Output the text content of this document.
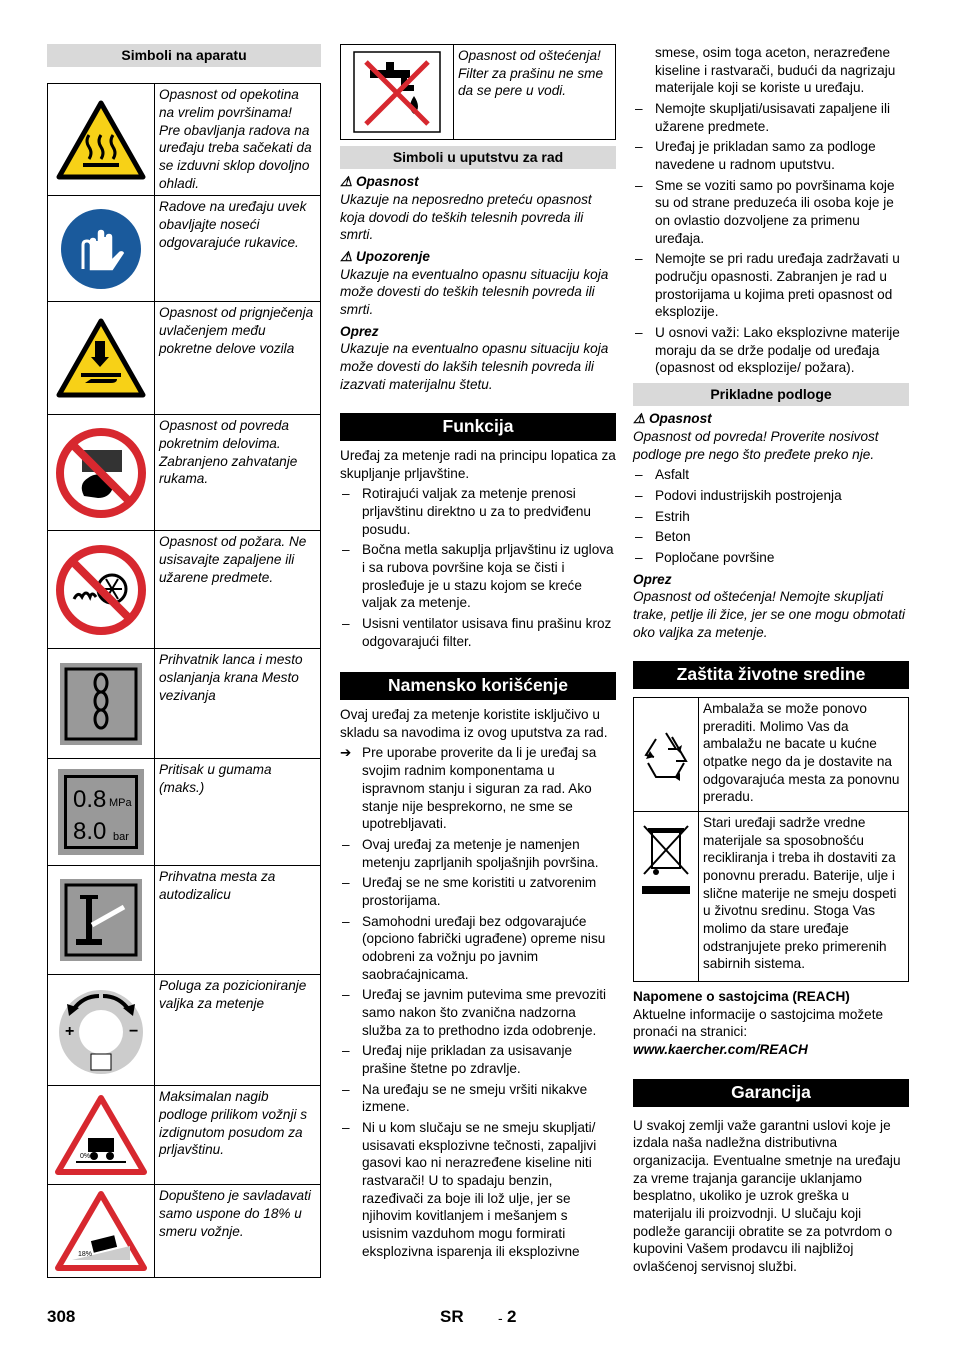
Simboli na aparatu
	Opasnost od opekotina na vrelim površinama! Pre obavljanja radova na uređaju treba sačekati da se izduvni sklop dovoljno ohladi.

	Radove na uređaju uvek obavljajte noseći odgovarajuće rukavice.

	Opasnost od prignječenja uvlačenjem među pokretne delove vozila

	Opasnost od povreda pokretnim delovima. Zabranjeno zahvatanje rukama.

	Opasnost od požara. Ne usisavajte zapaljene ili užarene predmete.

	Prihvatnik lanca i mesto oslanjanja krana Mesto vezivanja

0.8 MPa
8.0 bar	Pritisak u gumama (maks.)

	Prihvatna mesta za autodizalicu

+ −	Poluga za pozicioniranje valjka za metenje

0%	Maksimalan nagib podloge prilikom vožnji s izdignutom posudom za prljavštinu.

18%	Dopušteno je savladavati samo uspone do 18% u smeru vožnje.
	Opasnost od oštećenja! Filter za prašinu ne sme da se pere u vodi.
Simboli u uputstvu za rad
⚠ Opasnost

Ukazuje na neposredno preteću opasnost koja dovodi do teških telesnih povreda ili smrti.

⚠ Upozorenje

Ukazuje na eventualno opasnu situaciju koja može dovesti do teških telesnih povreda ili smrti.

Oprez

Ukazuje na eventualno opasnu situaciju koja može dovesti do lakših telesnih povreda ili izazvati materijalnu štetu.

Funkcija

Uređaj za metenje radi na principu lopatica za skupljanje prljavštine.

– Rotirajući valjak za metenje prenosi prljavštinu direktno u za to predviđenu posudu.
– Bočna metla sakuplja prljavštinu iz uglova i sa rubova površine koja se čisti i prosleđuje je u stazu kojom se kreće valjak za metenje.
– Usisni ventilator usisava finu prašinu kroz odgovarajući filter.
Namensko korišćenje

Ovaj uređaj za metenje koristite isključivo u skladu sa navodima iz ovog uputstva za rad.

➔ Pre uporabe proverite da li je uređaj sa svojim radnim komponentama u ispravnom stanju i siguran za rad. Ako stanje nije besprekorno, ne sme se upotrebljavati.
– Ovaj uređaj za metenje je namenjen metenju zaprljanih spoljašnjih površina.
– Uređaj se ne sme koristiti u zatvorenim prostorijama.
– Samohodni uređaji bez odgovarajuće (opciono fabrički ugrađene) opreme nisu odobreni za vožnju po javnim saobraćajnicama.
– Uređaj se javnim putevima sme prevoziti samo nakon što zvanična nadzorna služba za to prethodno izda odobrenje.
– Uređaj nije prikladan za usisavanje prašine štetne po zdravlje.
– Na uređaju se ne smeju vršiti nikakve izmene.
– Ni u kom slučaju se ne smeju skupljati/ usisavati eksplozivne tečnosti, zapaljivi gasovi kao ni nerazređene kiseline niti rastvarači! U to spadaju benzin, razeđivači za boje ili lož ulje, jer se njihovim kovitlanjem i mešanjem s usisnim vazduhom mogu formirati eksplozivna isparenja ili eksplozivne

smese, osim toga aceton, nerazređene kiseline i rastvarači, budući da nagrizaju materijale koji se koriste u uređaju.

– Nemojte skupljati/usisavati zapaljene ili užarene predmete.
– Uređaj je prikladan samo za podloge navedene u radnom uputstvu.
– Sme se voziti samo po površinama koje su od strane preduzeća ili osoba koje je on ovlastio dozvoljene za primenu uređaja.
– Nemojte se pri radu uređaja zadržavati u području opasnosti. Zabranjen je rad u prostorijama u kojima preti opasnost od eksplozije.
– U osnovi važi: Lako eksplozivne materije moraju da se drže podalje od uređaja (opasnost od eksplozije/ požara).
Prikladne podloge
⚠ Opasnost

Opasnost od povreda! Proverite nosivost podloge pre nego što pređete preko nje.

– Asfalt
– Podovi industrijskih postrojenja
– Estrih
– Beton
– Popločane površine
Oprez

Opasnost od oštećenja! Nemojte skupljati trake, petlje ili žice, jer se one mogu obmotati oko valjka za metenje.

Zaštita životne sredine
	Ambalaža se može ponovo preraditi. Molimo Vas da ambalažu ne bacate u kućne otpatke nego da je dostavite na odgovarajuća mesta za ponovnu preradu.

	Stari uređaji sadrže vredne materijale sa sposobnošću recikliranja i treba ih dostaviti za ponovnu preradu. Baterije, ulje i slične materije ne smeju dospeti u životnu sredinu. Stoga Vas molimo da stare uređaje odstranjujete preko primerenih sabirnih sistema.
Napomene o sastojcima (REACH)

Aktuelne informacije o sastojcima možete pronaći na stranici:

www.kaercher.com/REACH
Garancija

U svakoj zemlji važe garantni uslovi koje je izdala naša nadležna distributivna organizacija. Eventualne smetnje na uređaju za vreme trajanja garancije uklanjamo besplatno, ukoliko je uzrok greška u materijalu ili proizvodnji. U slučaju koji podleže garanciji obratite se za potvrdom o kupovini Vašem prodavcu ili najbližoj ovlašćenoj servisnoj službi.

308	SR - 2
